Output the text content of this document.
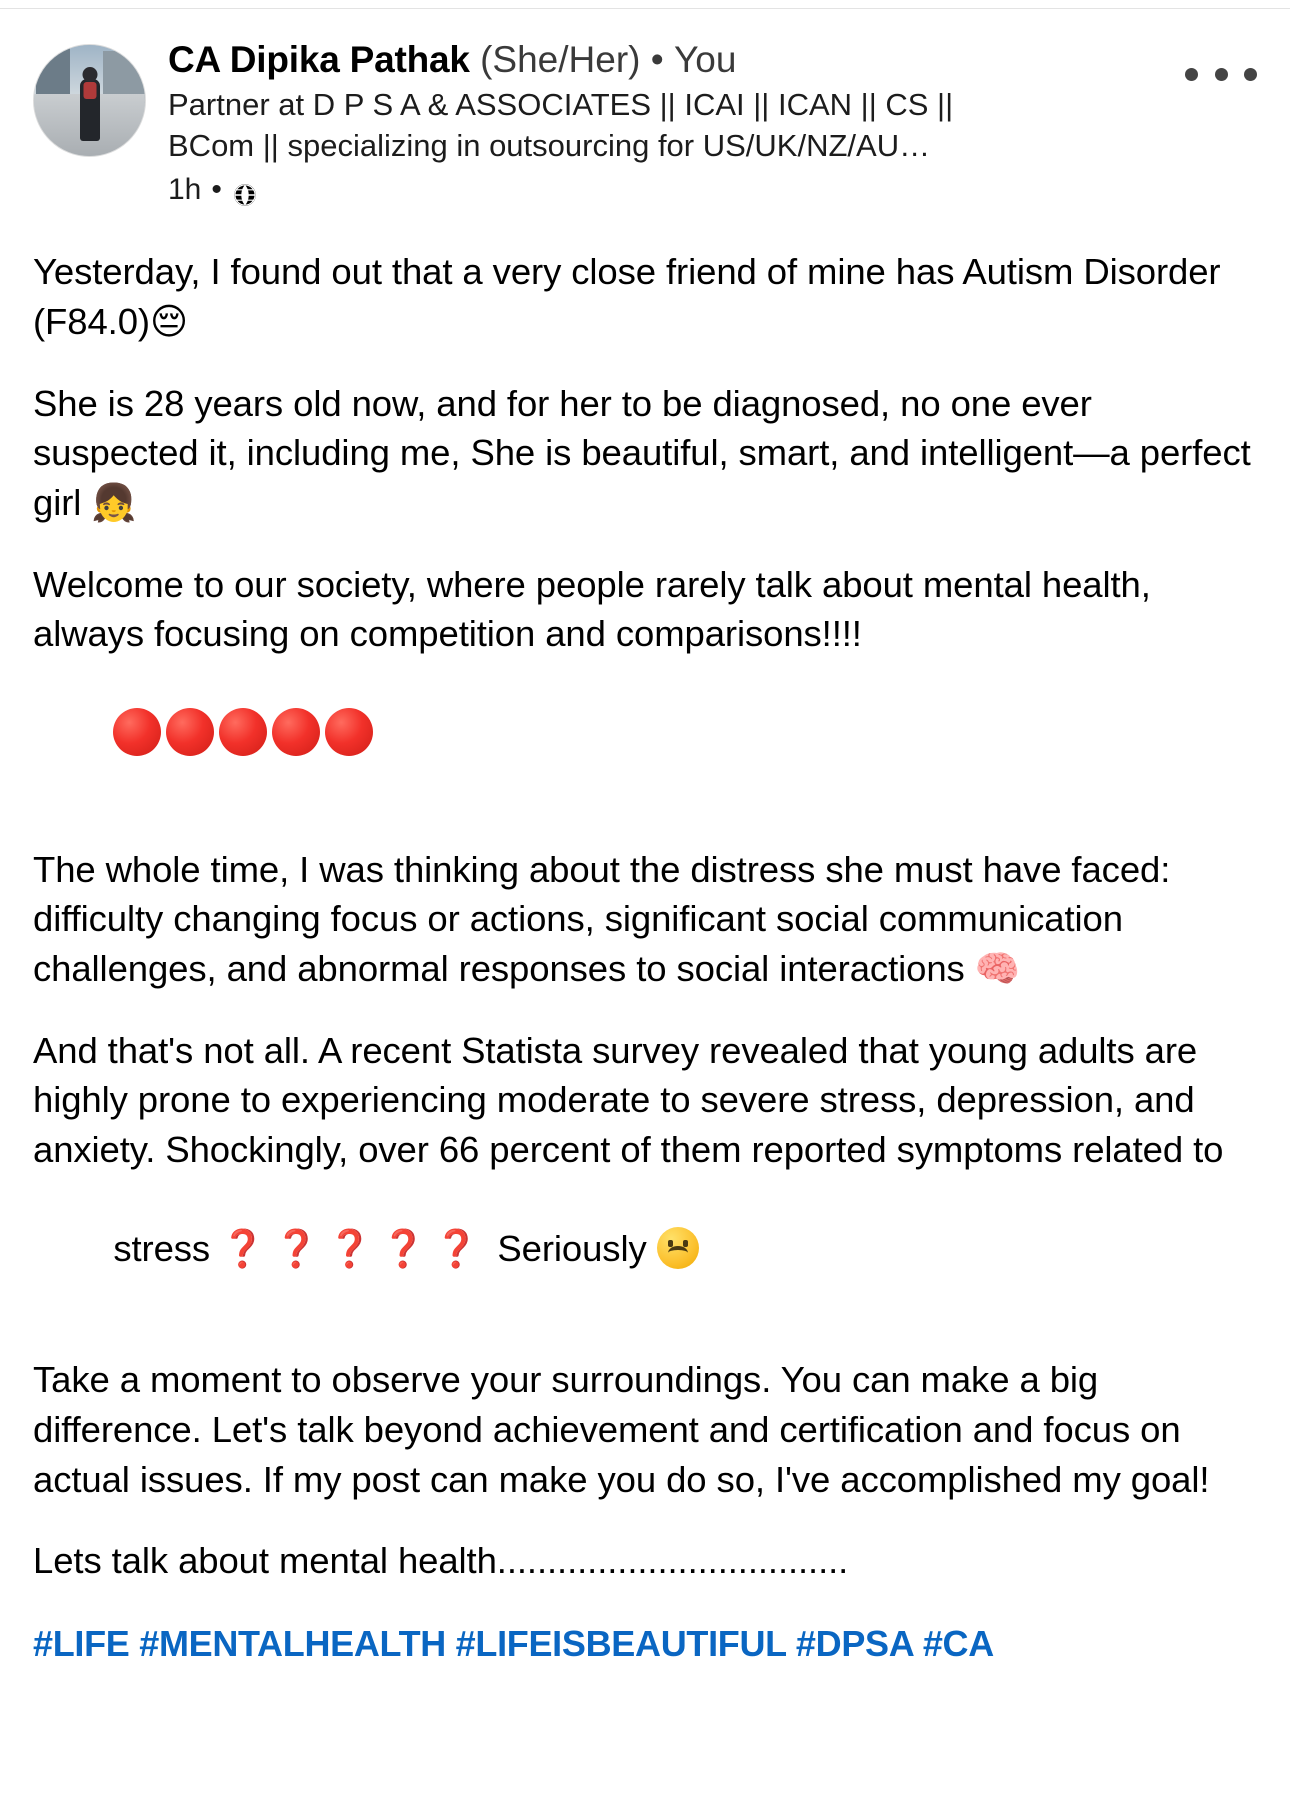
CA Dipika Pathak (She/Her) • You
Partner at D P S A & ASSOCIATES || ICAI || ICAN || CS || BCom || specializing in outsourcing for US/UK/NZ/AU…
1h •

Yesterday, I found out that a very close friend of mine has Autism Disorder (F84.0)😔

She is 28 years old now, and for her to be diagnosed, no one ever suspected it, including me, She is beautiful, smart, and intelligent—a perfect girl 👧

Welcome to our society, where people rarely talk about mental health, always focusing on competition and comparisons!!!!

The whole time, I was thinking about the distress she must have faced: difficulty changing focus or actions, significant social communication challenges, and abnormal responses to social interactions 🧠

And that's not all. A recent Statista survey revealed that young adults are highly prone to experiencing moderate to severe stress, depression, and anxiety. Shockingly, over 66 percent of them reported symptoms related to

stress ❓❓❓❓❓ Seriously

Take a moment to observe your surroundings. You can make a big difference. Let's talk beyond achievement and certification and focus on actual issues. If my post can make you do so, I've accomplished my goal!

Lets talk about mental health...................................

#LIFE #MENTALHEALTH #LIFEISBEAUTIFUL #DPSA #CA
